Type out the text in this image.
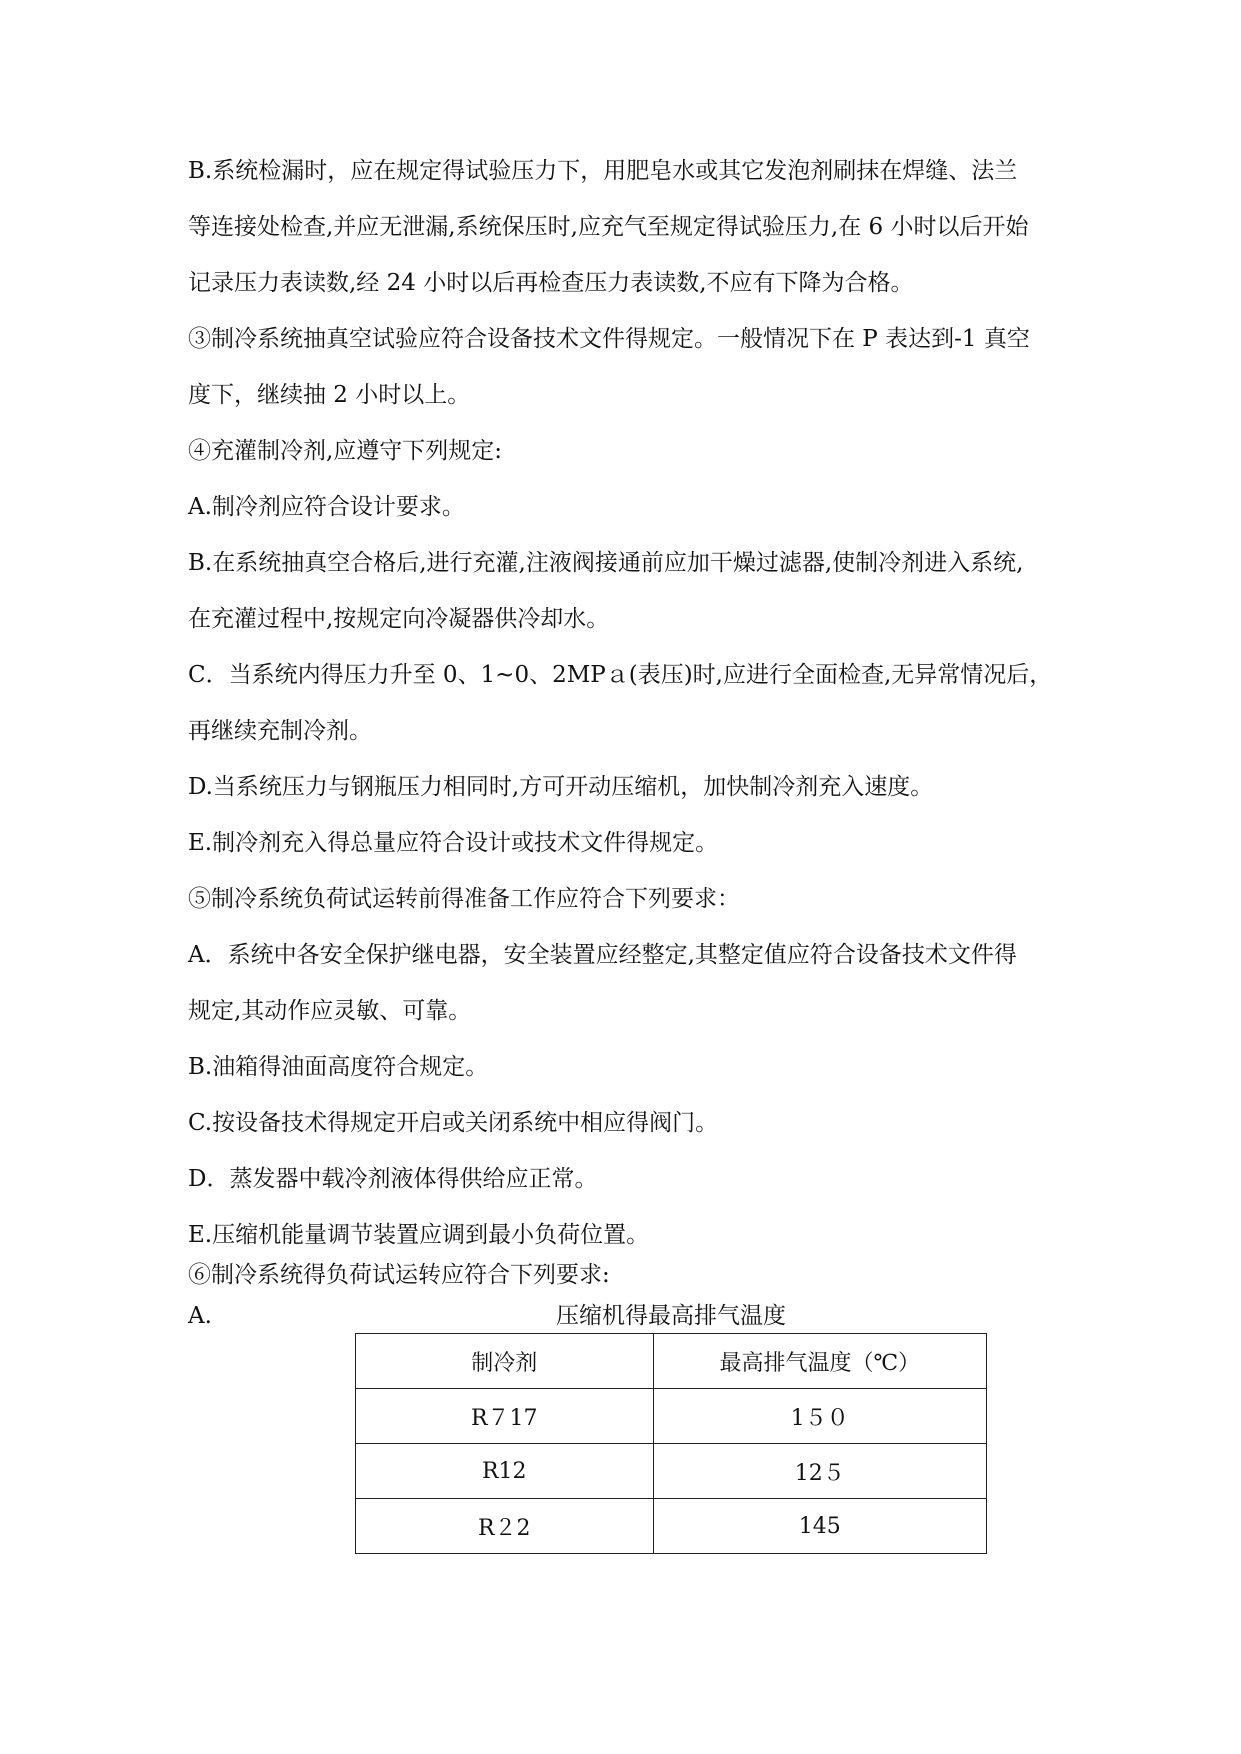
B.系统检漏时，应在规定得试验压力下，用肥皂水或其它发泡剂刷抹在焊缝、法兰
等连接处检查,并应无泄漏,系统保压时,应充气至规定得试验压力,在 6 小时以后开始
记录压力表读数,经 24 小时以后再检查压力表读数,不应有下降为合格。
③制冷系统抽真空试验应符合设备技术文件得规定。一般情况下在 P 表达到-1 真空
度下，继续抽 2 小时以上。
④充灌制冷剂,应遵守下列规定:
A.制冷剂应符合设计要求。
B.在系统抽真空合格后,进行充灌,注液阀接通前应加干燥过滤器,使制冷剂进入系统,
在充灌过程中,按规定向冷凝器供冷却水。
C．当系统内得压力升至 0、1~0、2MPａ(表压)时,应进行全面检查,无异常情况后，
再继续充制冷剂。
D.当系统压力与钢瓶压力相同时,方可开动压缩机，加快制冷剂充入速度。
E.制冷剂充入得总量应符合设计或技术文件得规定。
⑤制冷系统负荷试运转前得准备工作应符合下列要求：
A．系统中各安全保护继电器，安全装置应经整定,其整定值应符合设备技术文件得
规定,其动作应灵敏、可靠。
B.油箱得油面高度符合规定。
C.按设备技术得规定开启或关闭系统中相应得阀门。
D．蒸发器中载冷剂液体得供给应正常。
E.压缩机能量调节装置应调到最小负荷位置。
⑥制冷系统得负荷试运转应符合下列要求:
A.	压缩机得最高排气温度
制冷剂	最高排气温度（℃）
R７17	1５０
R12	12５
R２2	145
